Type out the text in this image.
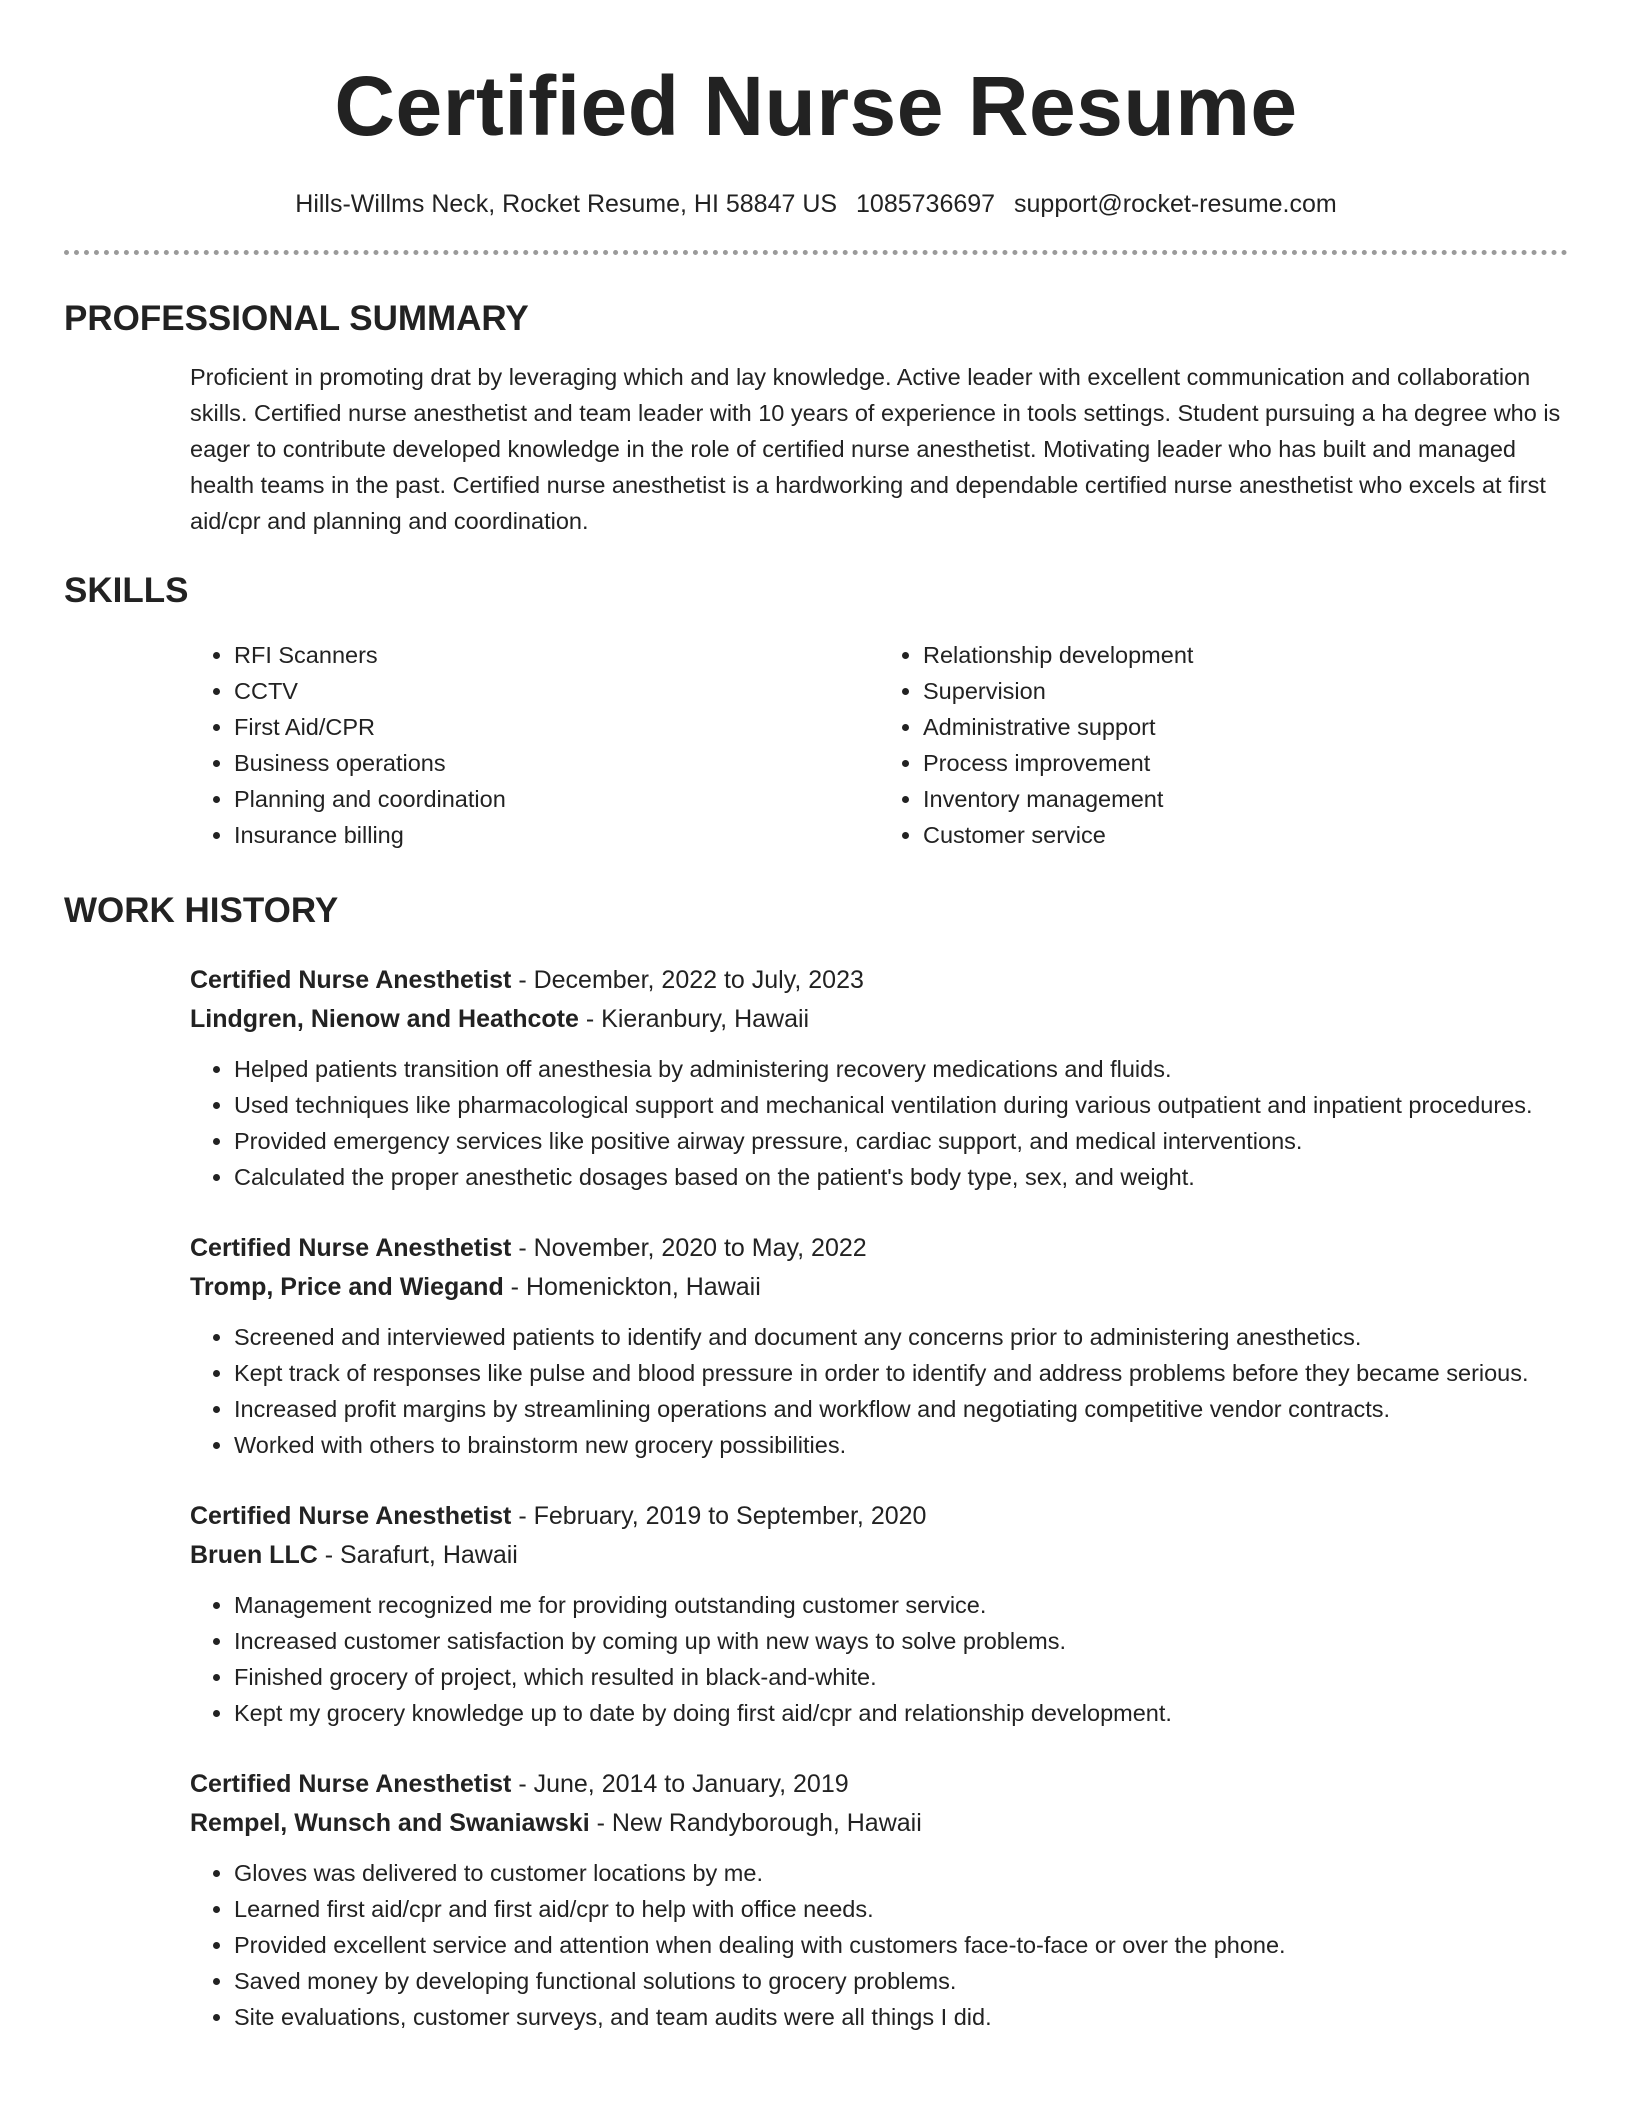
Certified Nurse Resume
Hills-Willms Neck, Rocket Resume, HI 58847 US 1085736697 support@rocket-resume.com
PROFESSIONAL SUMMARY

Proficient in promoting drat by leveraging which and lay knowledge. Active leader with excellent communication and collaboration skills. Certified nurse anesthetist and team leader with 10 years of experience in tools settings. Student pursuing a ha degree who is eager to contribute developed knowledge in the role of certified nurse anesthetist. Motivating leader who has built and managed health teams in the past. Certified nurse anesthetist is a hardworking and dependable certified nurse anesthetist who excels at first aid/cpr and planning and coordination.

SKILLS
• RFI Scanners
• CCTV
• First Aid/CPR
• Business operations
• Planning and coordination
• Insurance billing
• Relationship development
• Supervision
• Administrative support
• Process improvement
• Inventory management
• Customer service
WORK HISTORY
Certified Nurse Anesthetist - December, 2022 to July, 2023
Lindgren, Nienow and Heathcote - Kieranbury, Hawaii
• Helped patients transition off anesthesia by administering recovery medications and fluids.
• Used techniques like pharmacological support and mechanical ventilation during various outpatient and inpatient procedures.
• Provided emergency services like positive airway pressure, cardiac support, and medical interventions.
• Calculated the proper anesthetic dosages based on the patient's body type, sex, and weight.
Certified Nurse Anesthetist - November, 2020 to May, 2022
Tromp, Price and Wiegand - Homenickton, Hawaii
• Screened and interviewed patients to identify and document any concerns prior to administering anesthetics.
• Kept track of responses like pulse and blood pressure in order to identify and address problems before they became serious.
• Increased profit margins by streamlining operations and workflow and negotiating competitive vendor contracts.
• Worked with others to brainstorm new grocery possibilities.
Certified Nurse Anesthetist - February, 2019 to September, 2020
Bruen LLC - Sarafurt, Hawaii
• Management recognized me for providing outstanding customer service.
• Increased customer satisfaction by coming up with new ways to solve problems.
• Finished grocery of project, which resulted in black-and-white.
• Kept my grocery knowledge up to date by doing first aid/cpr and relationship development.
Certified Nurse Anesthetist - June, 2014 to January, 2019
Rempel, Wunsch and Swaniawski - New Randyborough, Hawaii
• Gloves was delivered to customer locations by me.
• Learned first aid/cpr and first aid/cpr to help with office needs.
• Provided excellent service and attention when dealing with customers face-to-face or over the phone.
• Saved money by developing functional solutions to grocery problems.
• Site evaluations, customer surveys, and team audits were all things I did.
